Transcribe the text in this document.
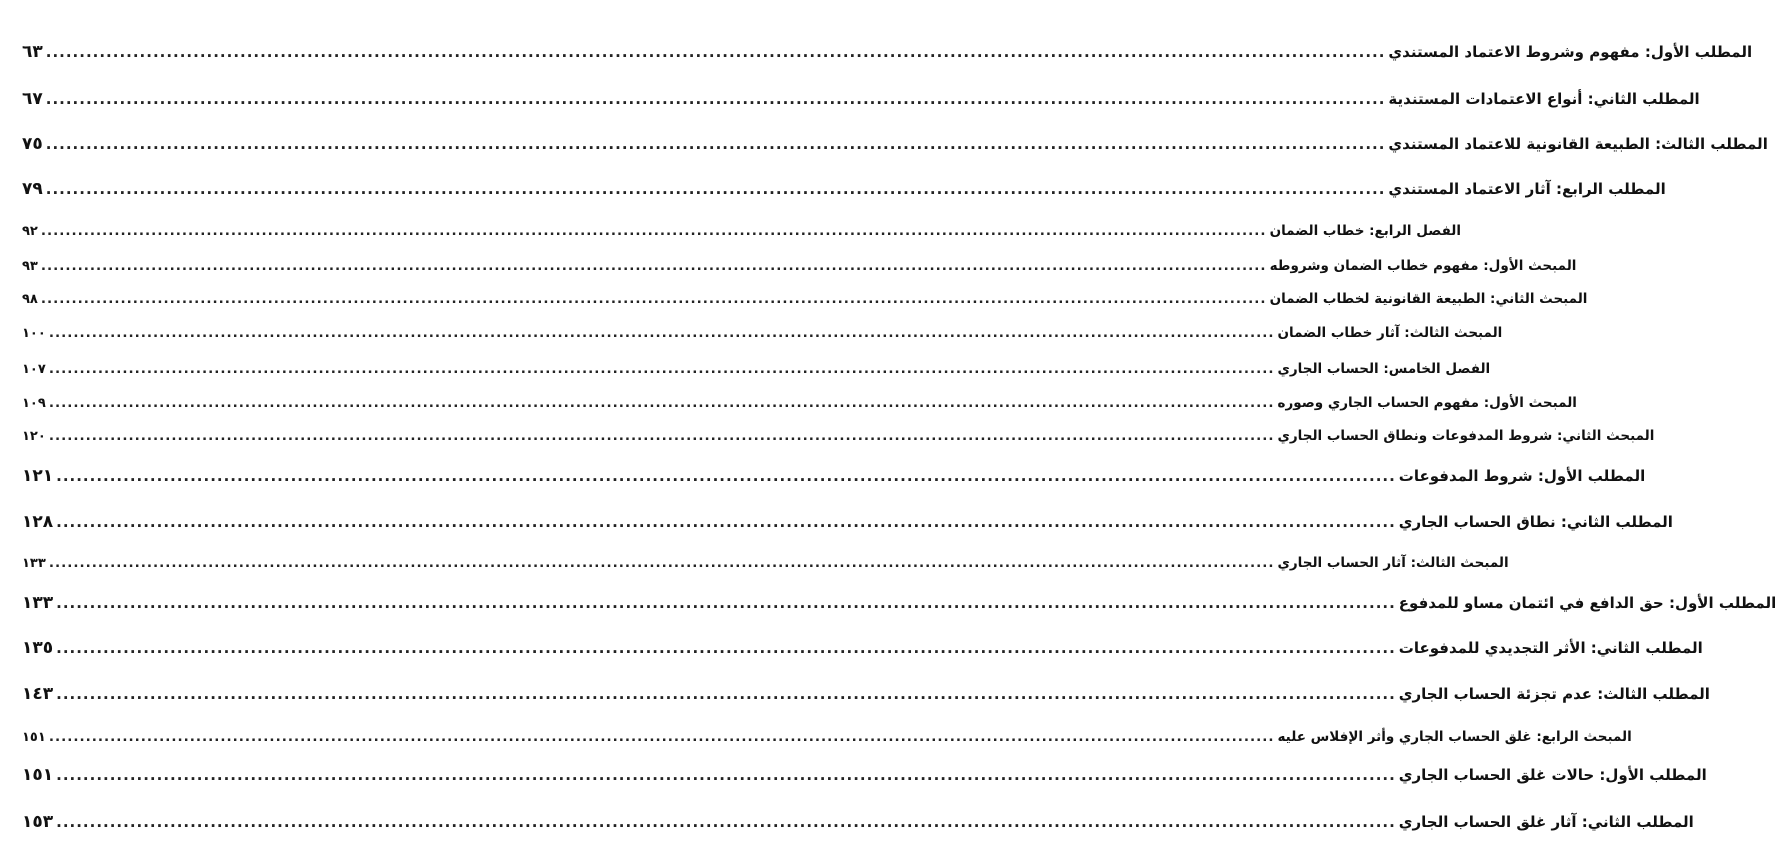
٦٣ ........................................................................................................................................................................................................ المطلب الأول: مفهوم وشروط الاعتماد المستندي
٦٧ ........................................................................................................................................................................................................ المطلب الثاني: أنواع الاعتمادات المستندية
٧٥ ........................................................................................................................................................................................................ المطلب الثالث: الطبيعة القانونية للاعتماد المستندي
٧٩ ........................................................................................................................................................................................................ المطلب الرابع: آثار الاعتماد المستندي
٩٢ ........................................................................................................................................................................................................ الفصل الرابع: خطاب الضمان
٩٣ ........................................................................................................................................................................................................ المبحث الأول: مفهوم خطاب الضمان وشروطه
٩٨ ........................................................................................................................................................................................................ المبحث الثاني: الطبيعة القانونية لخطاب الضمان
١٠٠ ........................................................................................................................................................................................................ المبحث الثالث: آثار خطاب الضمان
١٠٧ ........................................................................................................................................................................................................ الفصل الخامس: الحساب الجاري
١٠٩ ........................................................................................................................................................................................................ المبحث الأول: مفهوم الحساب الجاري وصوره
١٢٠ ........................................................................................................................................................................................................ المبحث الثاني: شروط المدفوعات ونطاق الحساب الجاري
١٢١ ........................................................................................................................................................................................................ المطلب الأول: شروط المدفوعات
١٢٨ ........................................................................................................................................................................................................ المطلب الثاني: نطاق الحساب الجاري
١٣٣ ........................................................................................................................................................................................................ المبحث الثالث: آثار الحساب الجاري
١٣٣ ........................................................................................................................................................................................................ المطلب الأول: حق الدافع في ائتمان مساو للمدفوع
١٣٥ ........................................................................................................................................................................................................ المطلب الثاني: الأثر التجديدي للمدفوعات
١٤٣ ........................................................................................................................................................................................................ المطلب الثالث: عدم تجزئة الحساب الجاري
١٥١ ........................................................................................................................................................................................................ المبحث الرابع: غلق الحساب الجاري وأثر الإفلاس عليه
١٥١ ........................................................................................................................................................................................................ المطلب الأول: حالات غلق الحساب الجاري
١٥٣ ........................................................................................................................................................................................................ المطلب الثاني: آثار غلق الحساب الجاري
